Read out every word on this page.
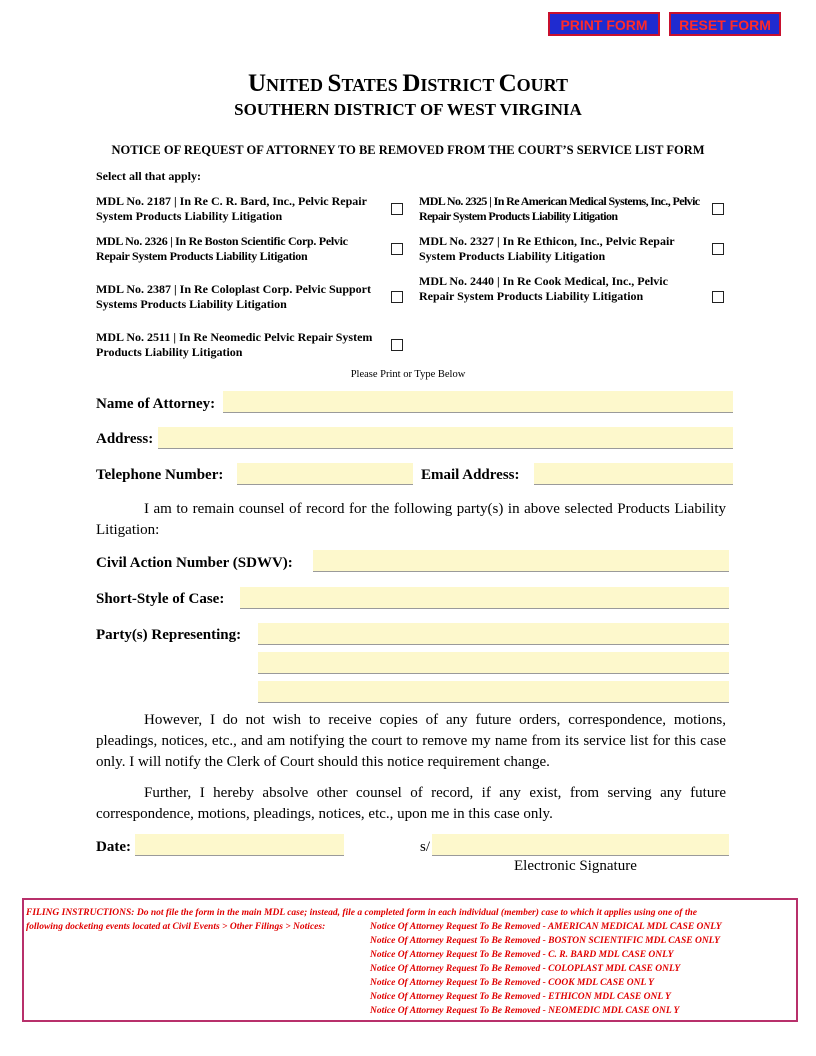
PRINT FORM	RESET FORM
UNITED STATES DISTRICT COURT
SOUTHERN DISTRICT OF WEST VIRGINIA
NOTICE OF REQUEST OF ATTORNEY TO BE REMOVED FROM THE COURT’S SERVICE LIST FORM
Select all that apply:
MDL No. 2187 | In Re C. R. Bard, Inc., Pelvic Repair System Products Liability Litigation
MDL No. 2325 | In Re American Medical Systems, Inc., Pelvic Repair System Products Liability Litigation
MDL No. 2326 | In Re Boston Scientific Corp. Pelvic Repair System Products Liability Litigation
MDL No. 2327 | In Re Ethicon, Inc., Pelvic Repair System Products Liability Litigation
MDL No. 2387 | In Re Coloplast Corp. Pelvic Support Systems Products Liability Litigation
MDL No. 2440 | In Re Cook Medical, Inc., Pelvic Repair System Products Liability Litigation
MDL No. 2511 | In Re Neomedic Pelvic Repair System Products Liability Litigation
Please Print or Type Below
Name of Attorney:
Address:
Telephone Number:	Email Address:
I am to remain counsel of record for the following party(s) in above selected Products Liability Litigation:
Civil Action Number (SDWV):
Short-Style of Case:
Party(s) Representing:
However, I do not wish to receive copies of any future orders, correspondence, motions, pleadings, notices, etc., and am notifying the court to remove my name from its service list for this case only. I will notify the Clerk of Court should this notice requirement change.
Further, I hereby absolve other counsel of record, if any exist, from serving any future correspondence, motions, pleadings, notices, etc., upon me in this case only.
Date:	s/
Electronic Signature
FILING INSTRUCTIONS: Do not file the form in the main MDL case; instead, file a completed form in each individual (member) case to which it applies using one of the
following docketing events located at Civil Events > Other Filings > Notices:	Notice Of Attorney Request To Be Removed - AMERICAN MEDICAL MDL CASE ONLY
Notice Of Attorney Request To Be Removed - BOSTON SCIENTIFIC MDL CASE ONLY
Notice Of Attorney Request To Be Removed - C. R. BARD MDL CASE ONLY
Notice Of Attorney Request To Be Removed - COLOPLAST MDL CASE ONLY
Notice Of Attorney Request To Be Removed - COOK MDL CASE ONL Y
Notice Of Attorney Request To Be Removed - ETHICON MDL CASE ONL Y
Notice Of Attorney Request To Be Removed - NEOMEDIC MDL CASE ONL Y
